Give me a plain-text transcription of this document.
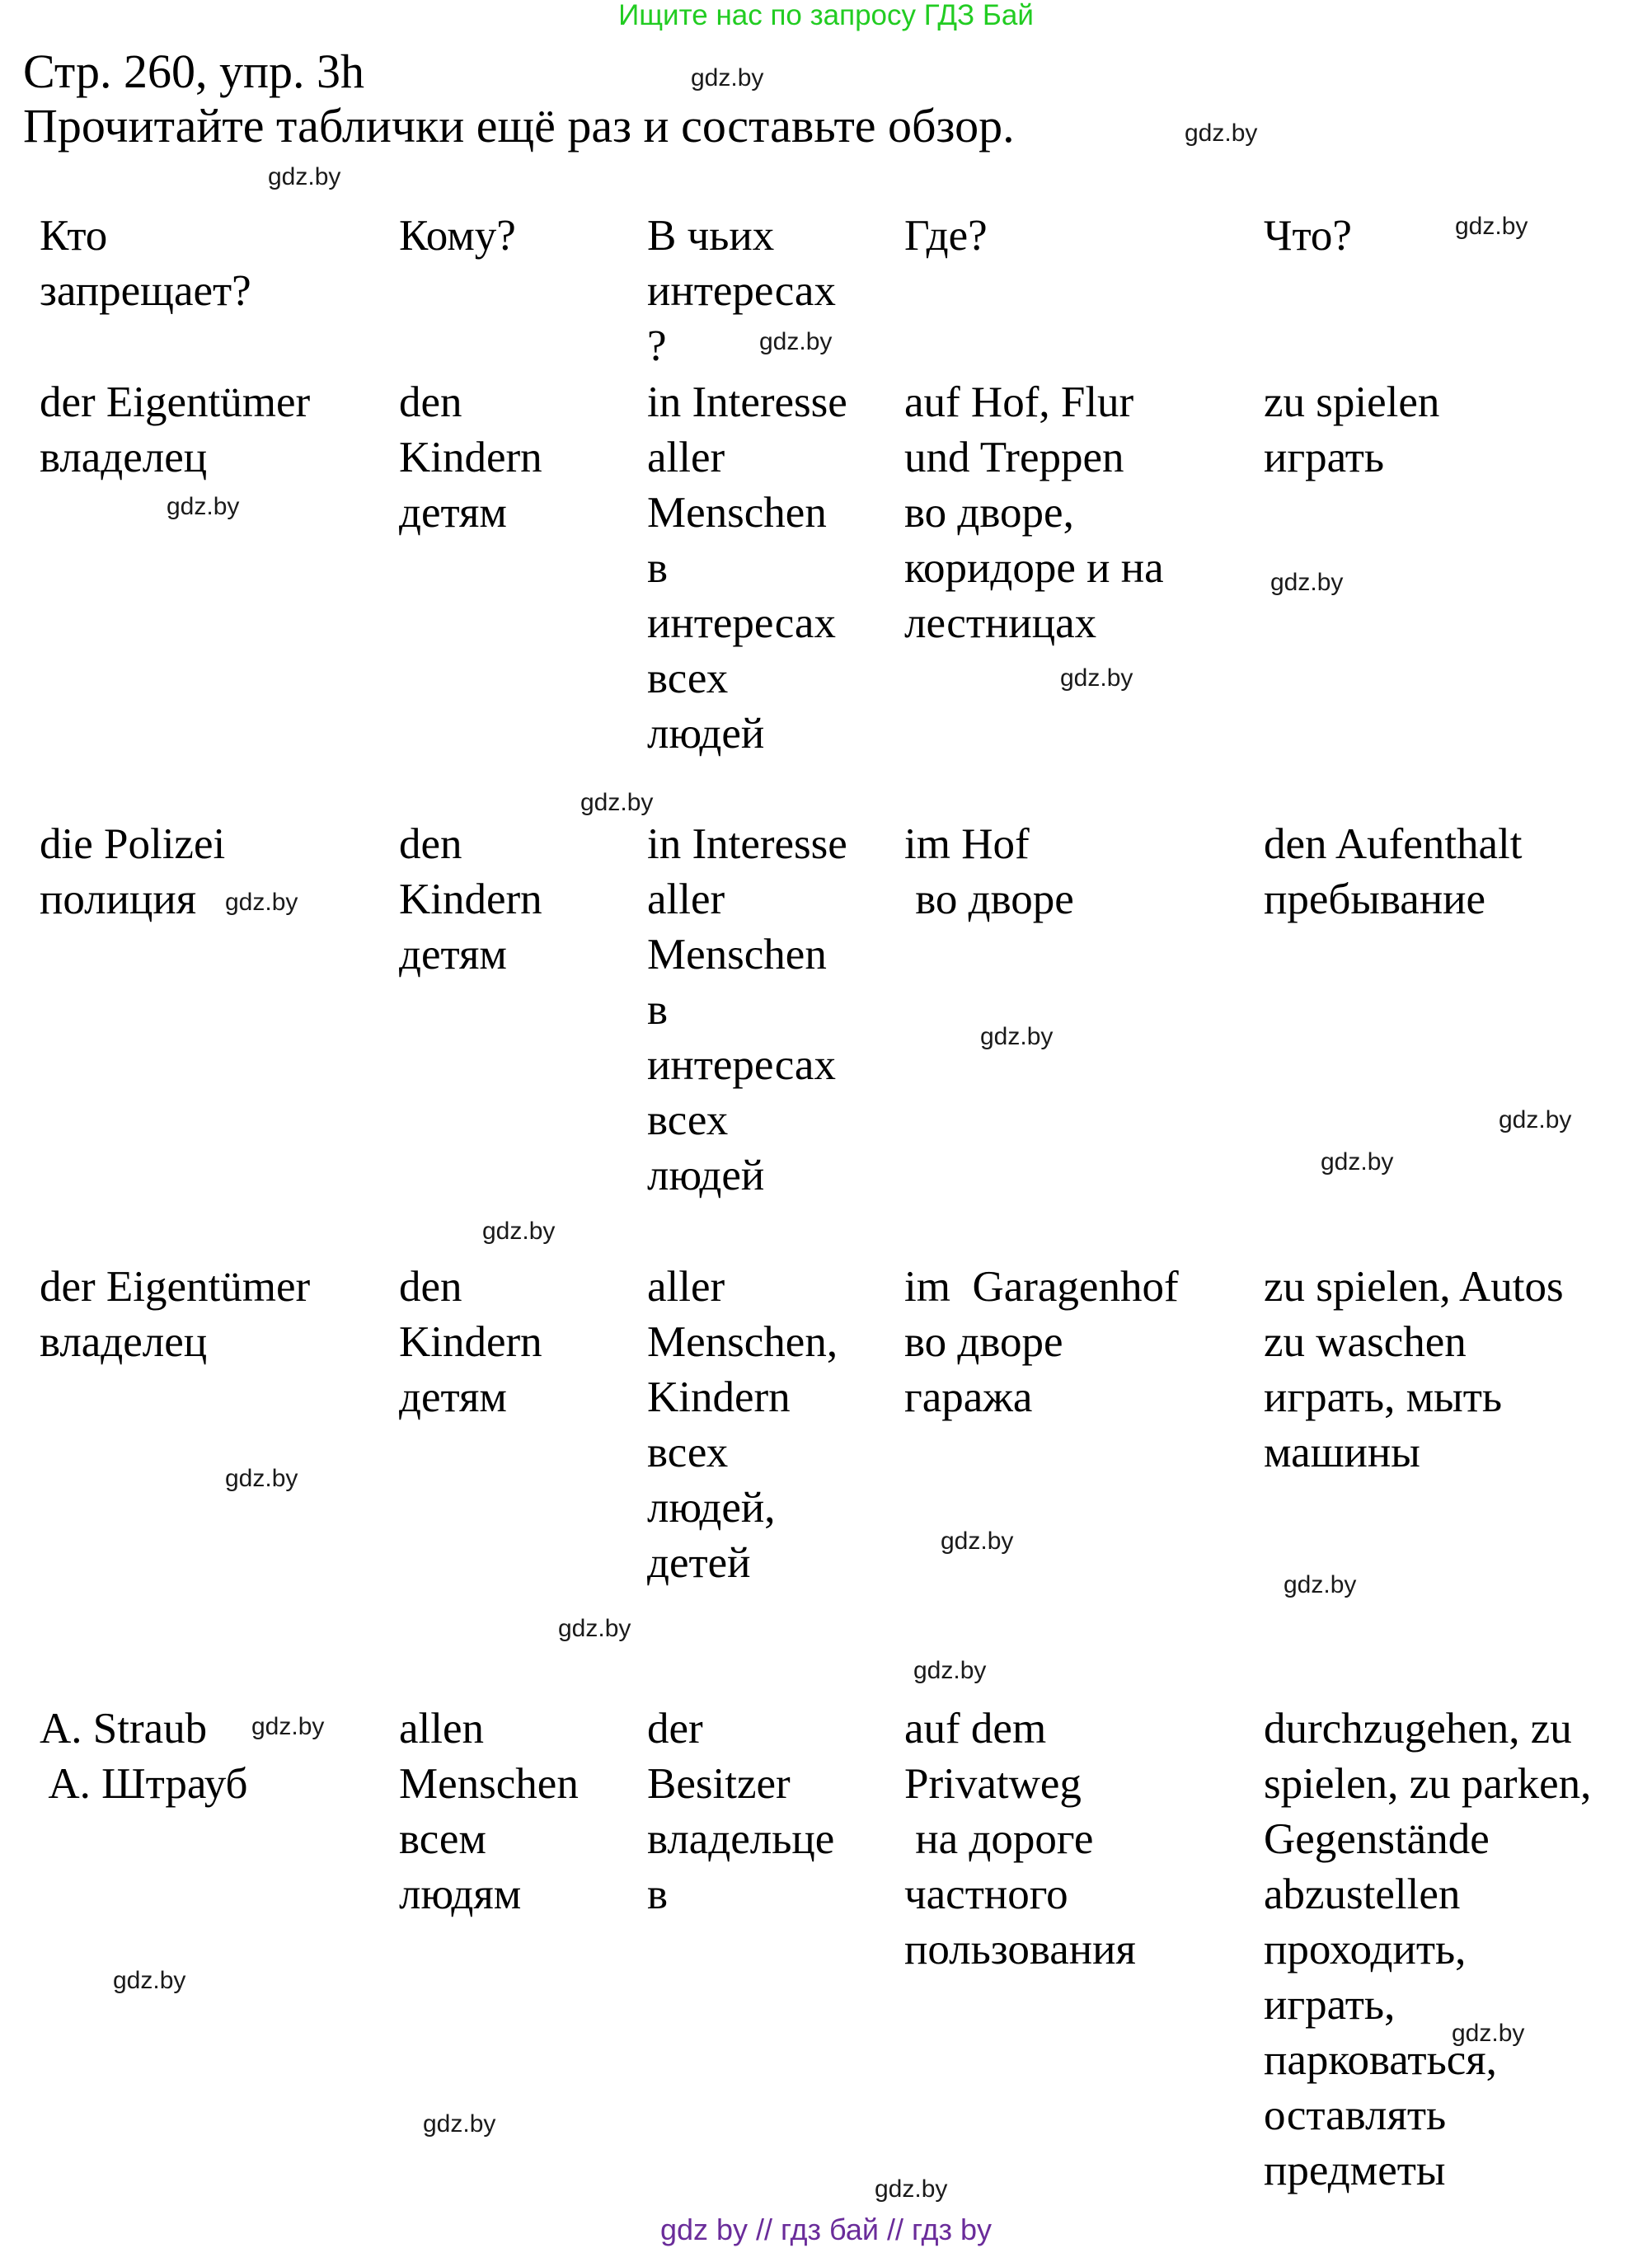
Ищите нас по запросу ГДЗ Бай
Стр. 260, упр. 3h
Прочитайте таблички ещё раз и составьте обзор.
Кто
запрещает?
Кому?	В чьих
интересах
?
Где?	Что?
der Eigentümer
владелец
den
Kindern
детям
in Interesse
aller
Menschen
в
интересах
всех
людей
auf Hof, Flur
und Treppen
во дворе,
коридоре и на
лестницах
zu spielen
играть
die Polizei
полиция
den
Kindern
детям
in Interesse
aller
Menschen
в
интересах
всех
людей
im Hof
во дворе
den Aufenthalt
пребывание
der Eigentümer
владелец
den
Kindern
детям
aller
Menschen,
Kindern
всех
людей,
детей
im  Garagenhof
во дворе
гаража
zu spielen, Autos
zu waschen
играть, мыть
машины
A. Straub
A. Штрауб
allen
Menschen
всем
людям
der
Besitzer
владельце
в
auf dem
Privatweg
на дороге
частного
пользования
durchzugehen, zu
spielen, zu parken,
Gegenstände
abzustellen
проходить,
играть,
парковаться,
оставлять
предметы
gdz.by
gdz.by
gdz.by
gdz.by
gdz.by
gdz.by
gdz.by
gdz.by
gdz.by
gdz.by
gdz.by
gdz.by
gdz.by
gdz.by
gdz.by
gdz.by
gdz.by
gdz.by
gdz.by
gdz.by
gdz.by
gdz.by
gdz.by
gdz.by
gdz by // гдз бай // гдз by
